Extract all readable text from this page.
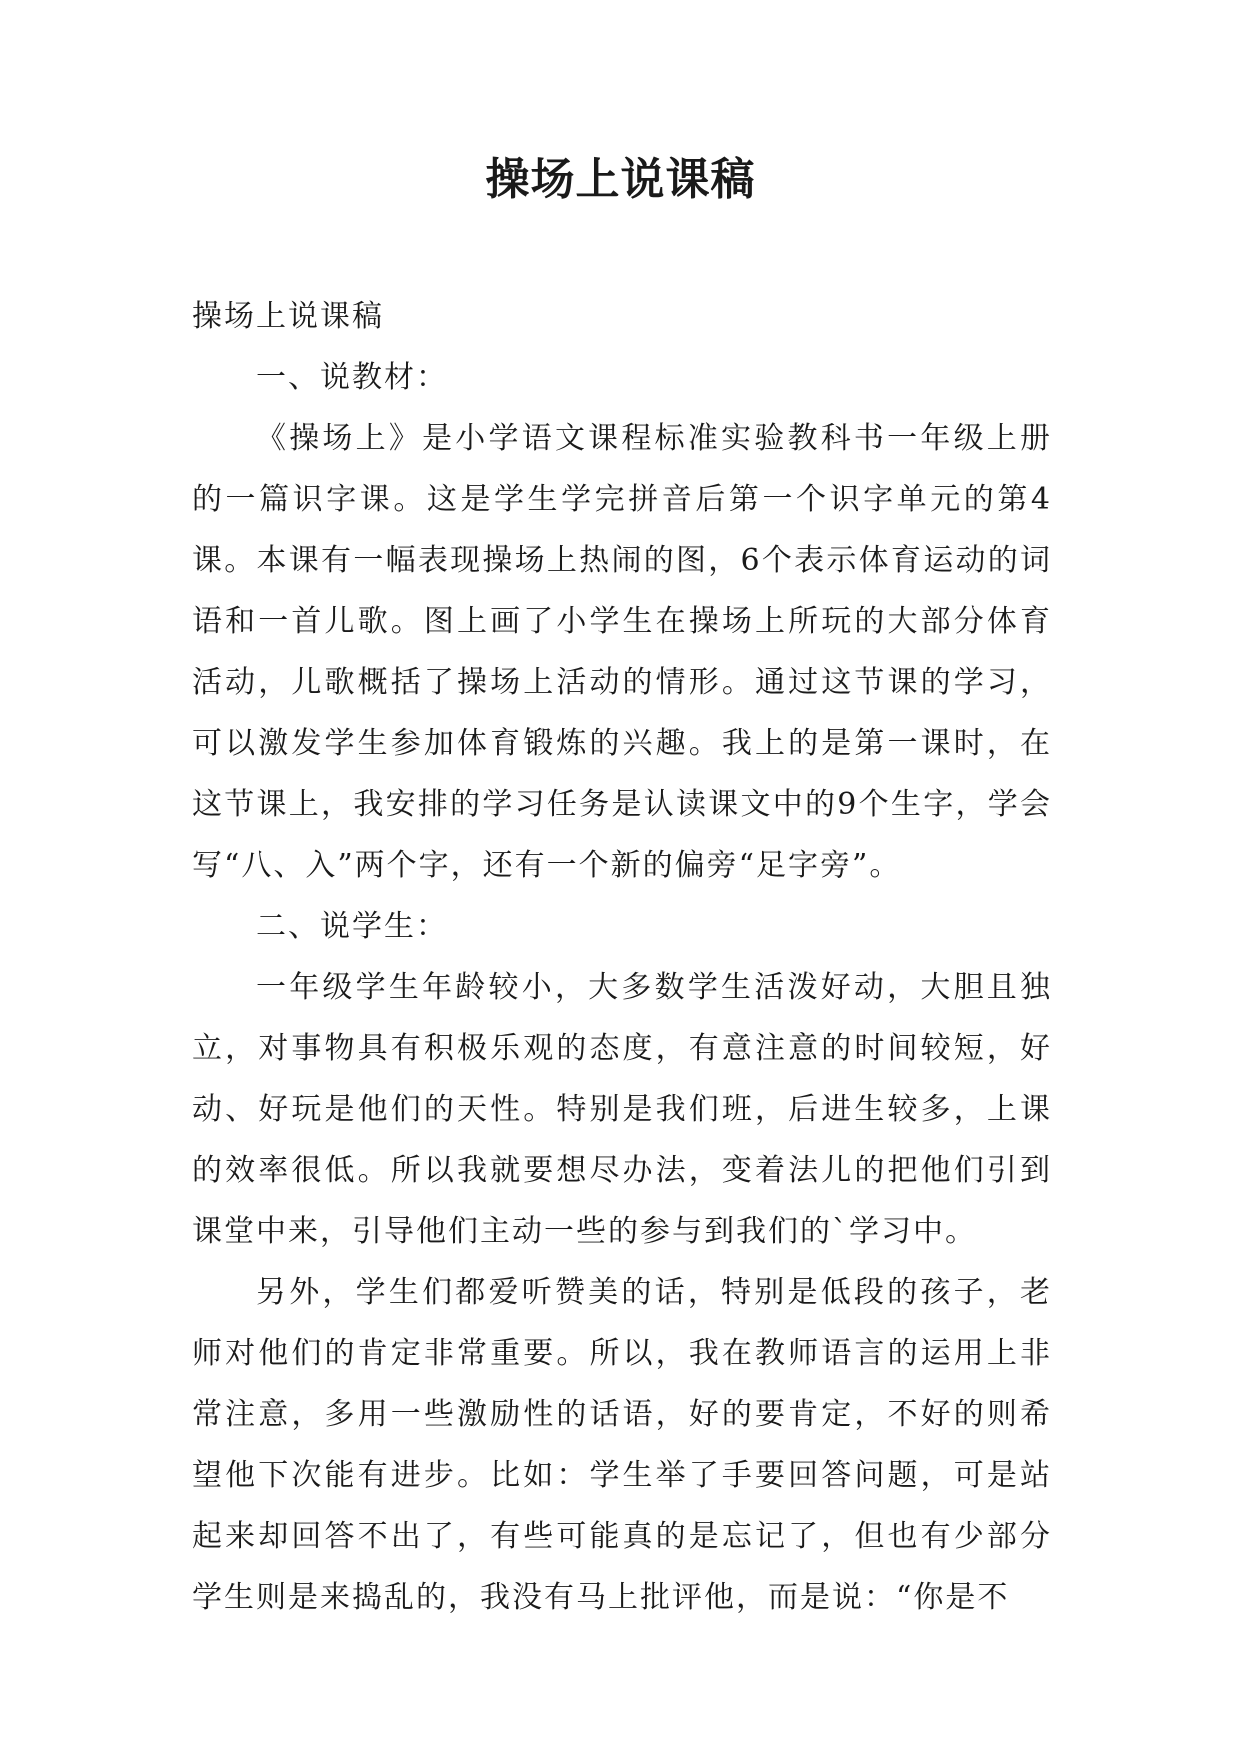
操场上说课稿

操场上说课稿

一、说教材：

《操场上》是小学语文课程标准实验教科书一年级上册的一篇识字课。这是学生学完拼音后第一个识字单元的第4课。本课有一幅表现操场上热闹的图，6个表示体育运动的词语和一首儿歌。图上画了小学生在操场上所玩的大部分体育活动，儿歌概括了操场上活动的情形。通过这节课的学习，可以激发学生参加体育锻炼的兴趣。我上的是第一课时，在这节课上，我安排的学习任务是认读课文中的9个生字，学会写“八、入”两个字，还有一个新的偏旁“足字旁”。

二、说学生：

一年级学生年龄较小，大多数学生活泼好动，大胆且独立，对事物具有积极乐观的态度，有意注意的时间较短，好动、好玩是他们的天性。特别是我们班，后进生较多，上课的效率很低。所以我就要想尽办法，变着法儿的把他们引到课堂中来，引导他们主动一些的参与到我们的`学习中。

另外，学生们都爱听赞美的话，特别是低段的孩子，老师对他们的肯定非常重要。所以，我在教师语言的运用上非常注意，多用一些激励性的话语，好的要肯定，不好的则希望他下次能有进步。比如：学生举了手要回答问题，可是站起来却回答不出了，有些可能真的是忘记了，但也有少部分学生则是来捣乱的，我没有马上批评他，而是说：“你是不
